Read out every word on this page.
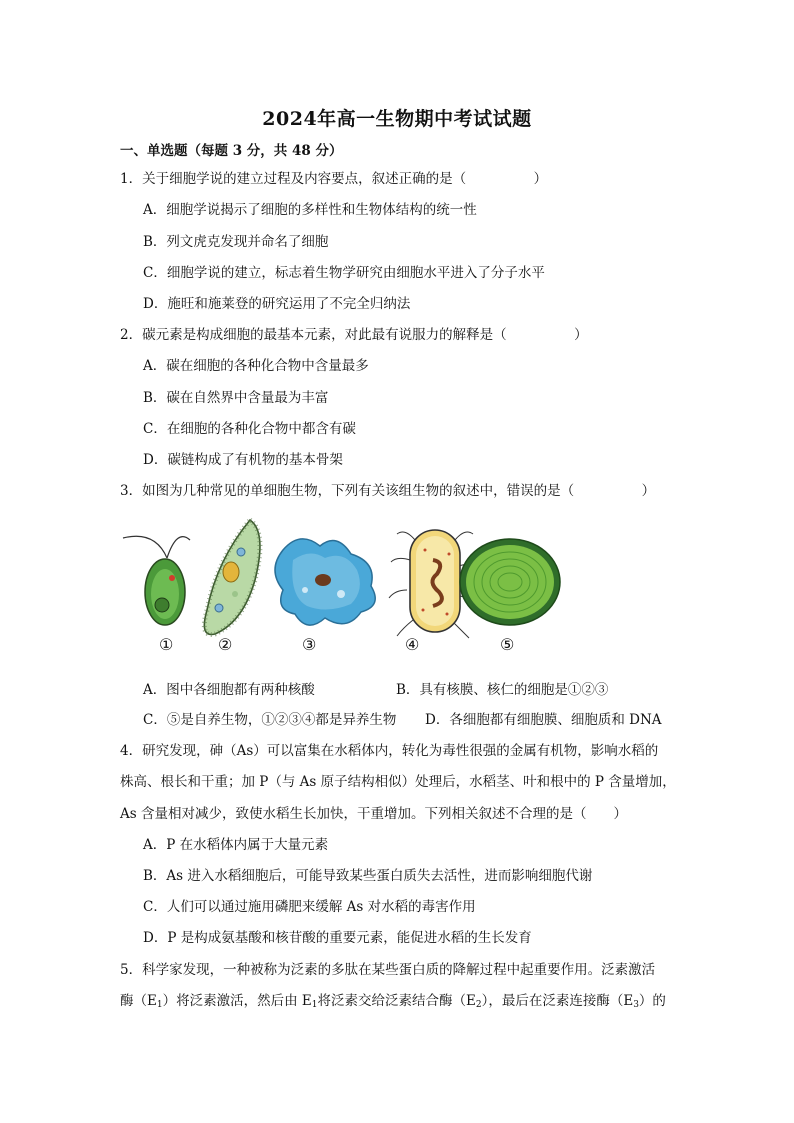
2024年高一生物期中考试试题
一、单选题（每题 3 分，共 48 分）
1．关于细胞学说的建立过程及内容要点，叙述正确的是（　　　　　）
A．细胞学说揭示了细胞的多样性和生物体结构的统一性
B．列文虎克发现并命名了细胞
C．细胞学说的建立，标志着生物学研究由细胞水平进入了分子水平
D．施旺和施莱登的研究运用了不完全归纳法
2．碳元素是构成细胞的最基本元素，对此最有说服力的解释是（　　　　　）
A．碳在细胞的各种化合物中含量最多
B．碳在自然界中含量最为丰富
C．在细胞的各种化合物中都含有碳
D．碳链构成了有机物的基本骨架
3．如图为几种常见的单细胞生物，下列有关该组生物的叙述中，错误的是（　　　　　）
①	②	③	④	⑤
A．图中各细胞都有两种核酸	B．具有核膜、核仁的细胞是①②③
C．⑤是自养生物，①②③④都是异养生物 D．各细胞都有细胞膜、细胞质和 DNA
4．研究发现，砷（As）可以富集在水稻体内，转化为毒性很强的金属有机物，影响水稻的
株高、根长和干重；加 P（与 As 原子结构相似）处理后，水稻茎、叶和根中的 P 含量增加，
As 含量相对减少，致使水稻生长加快，干重增加。下列相关叙述不合理的是（　　）
A．P 在水稻体内属于大量元素
B．As 进入水稻细胞后，可能导致某些蛋白质失去活性，进而影响细胞代谢
C．人们可以通过施用磷肥来缓解 As 对水稻的毒害作用
D．P 是构成氨基酸和核苷酸的重要元素，能促进水稻的生长发育
5．科学家发现，一种被称为泛素的多肽在某些蛋白质的降解过程中起重要作用。泛素激活
酶$(E_1)$将泛素激活，然后由 $E_1$将泛素交给泛素结合酶$(E_2)$，最后在泛素连接酶$(E_3)$的
